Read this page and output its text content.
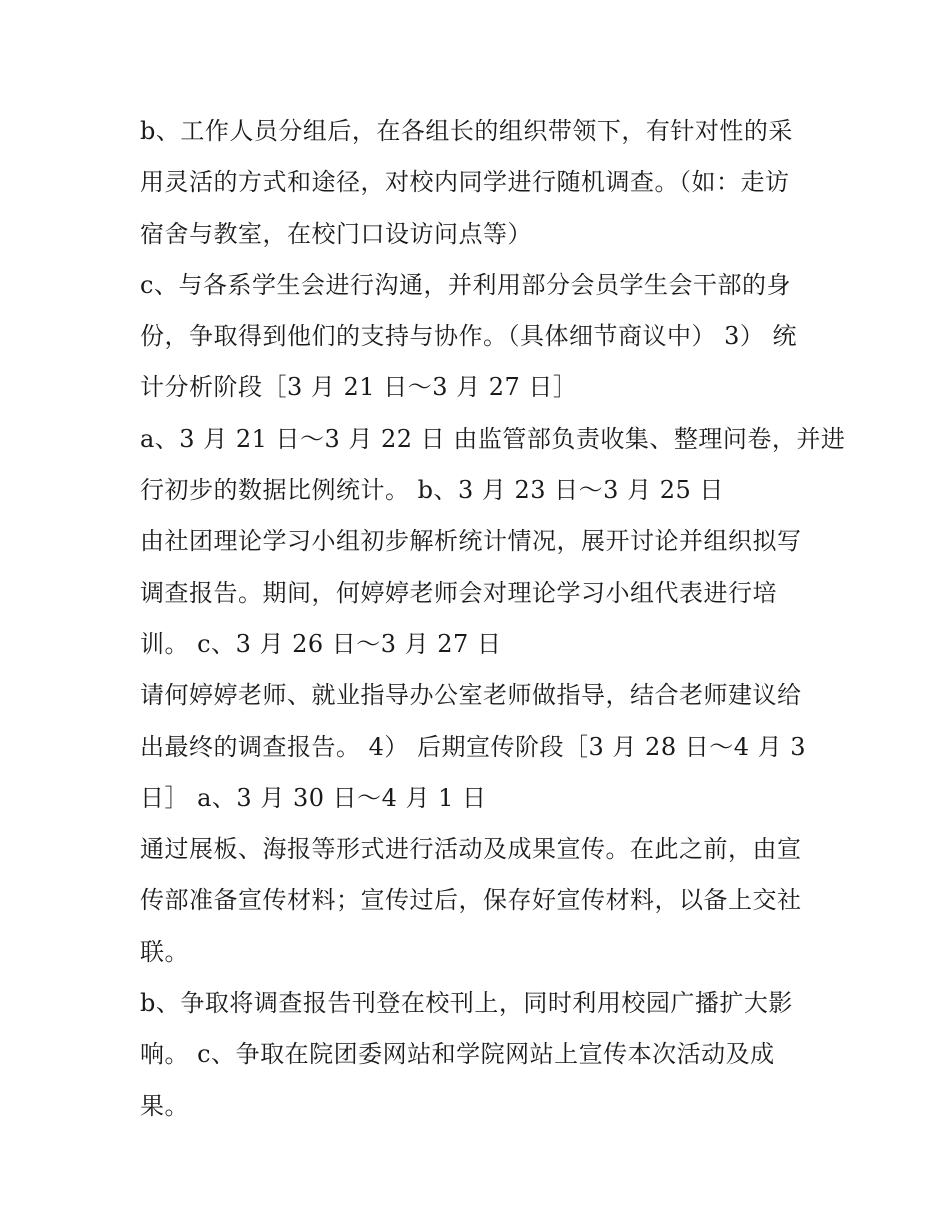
b、工作人员分组后，在各组长的组织带领下，有针对性的采
用灵活的方式和途径，对校内同学进行随机调查。（如：走访
宿舍与教室，在校门口设访问点等）
c、与各系学生会进行沟通，并利用部分会员学生会干部的身
份，争取得到他们的支持与协作。（具体细节商议中） 3） 统
计分析阶段［3 月 21 日～3 月 27 日］
a、3 月 21 日～3 月 22 日 由监管部负责收集、整理问卷，并进
行初步的数据比例统计。 b、3 月 23 日～3 月 25 日
由社团理论学习小组初步解析统计情况，展开讨论并组织拟写
调查报告。期间，何婷婷老师会对理论学习小组代表进行培
训。 c、3 月 26 日～3 月 27 日
请何婷婷老师、就业指导办公室老师做指导，结合老师建议给
出最终的调查报告。 4） 后期宣传阶段［3 月 28 日～4 月 3
日］ a、3 月 30 日～4 月 1 日
通过展板、海报等形式进行活动及成果宣传。在此之前，由宣
传部准备宣传材料；宣传过后，保存好宣传材料，以备上交社
联。
b、争取将调查报告刊登在校刊上，同时利用校园广播扩大影
响。 c、争取在院团委网站和学院网站上宣传本次活动及成
果。
